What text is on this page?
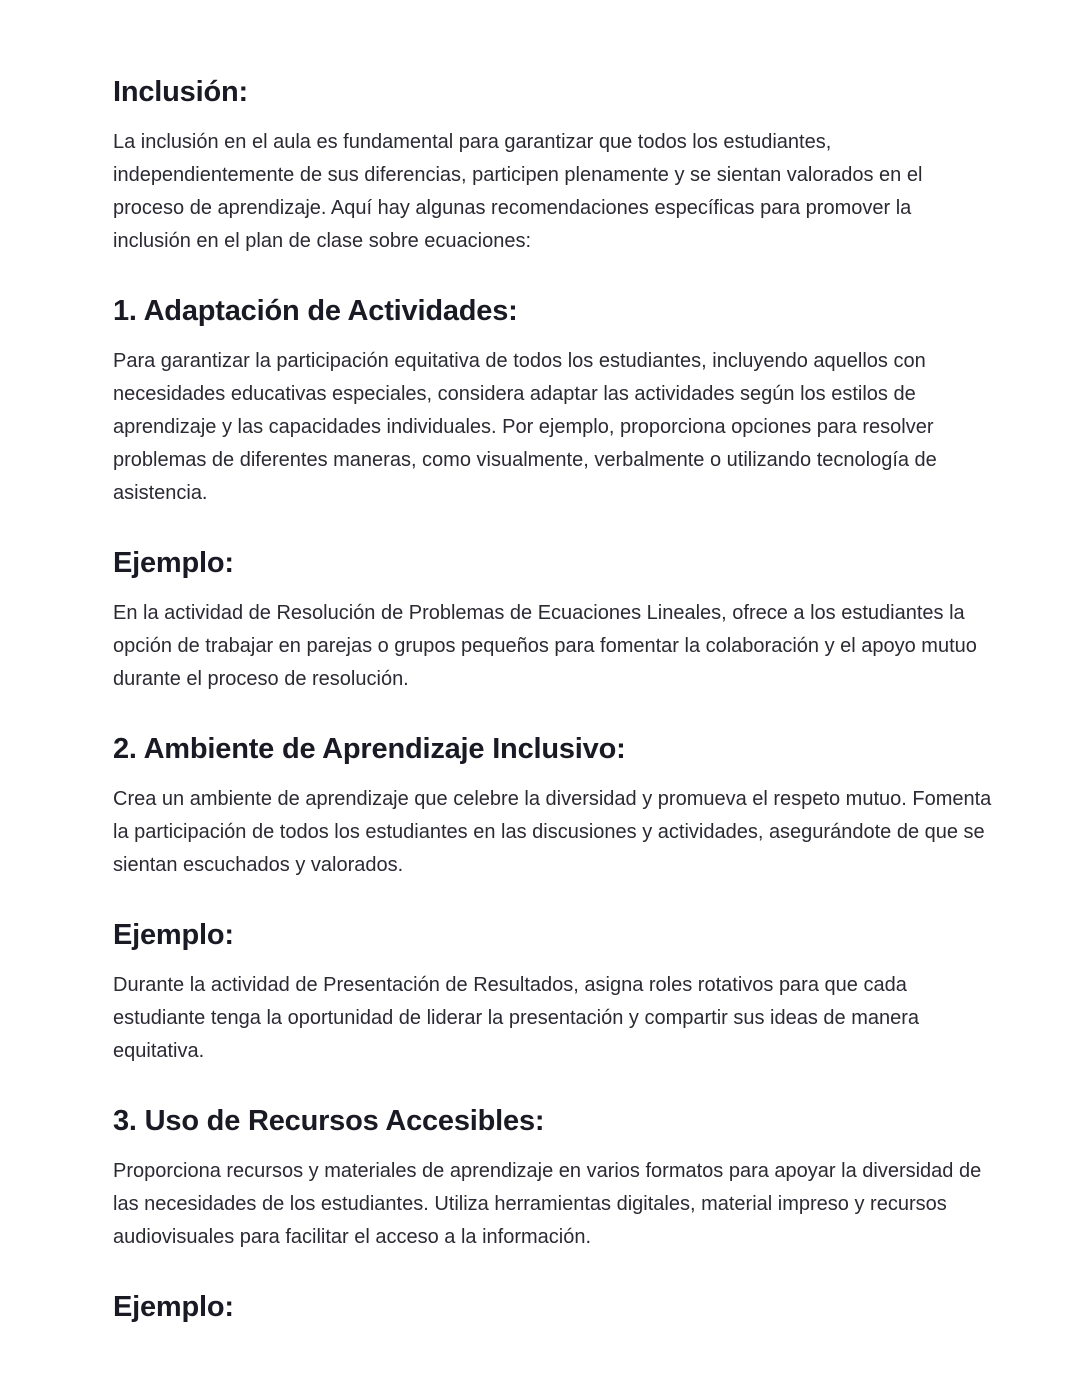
Inclusión:

La inclusión en el aula es fundamental para garantizar que todos los estudiantes, independientemente de sus diferencias, participen plenamente y se sientan valorados en el proceso de aprendizaje. Aquí hay algunas recomendaciones específicas para promover la inclusión en el plan de clase sobre ecuaciones:

1. Adaptación de Actividades:

Para garantizar la participación equitativa de todos los estudiantes, incluyendo aquellos con necesidades educativas especiales, considera adaptar las actividades según los estilos de aprendizaje y las capacidades individuales. Por ejemplo, proporciona opciones para resolver problemas de diferentes maneras, como visualmente, verbalmente o utilizando tecnología de asistencia.

Ejemplo:

En la actividad de Resolución de Problemas de Ecuaciones Lineales, ofrece a los estudiantes la opción de trabajar en parejas o grupos pequeños para fomentar la colaboración y el apoyo mutuo durante el proceso de resolución.

2. Ambiente de Aprendizaje Inclusivo:

Crea un ambiente de aprendizaje que celebre la diversidad y promueva el respeto mutuo. Fomenta la participación de todos los estudiantes en las discusiones y actividades, asegurándote de que se sientan escuchados y valorados.

Ejemplo:

Durante la actividad de Presentación de Resultados, asigna roles rotativos para que cada estudiante tenga la oportunidad de liderar la presentación y compartir sus ideas de manera equitativa.

3. Uso de Recursos Accesibles:

Proporciona recursos y materiales de aprendizaje en varios formatos para apoyar la diversidad de las necesidades de los estudiantes. Utiliza herramientas digitales, material impreso y recursos audiovisuales para facilitar el acceso a la información.

Ejemplo:
